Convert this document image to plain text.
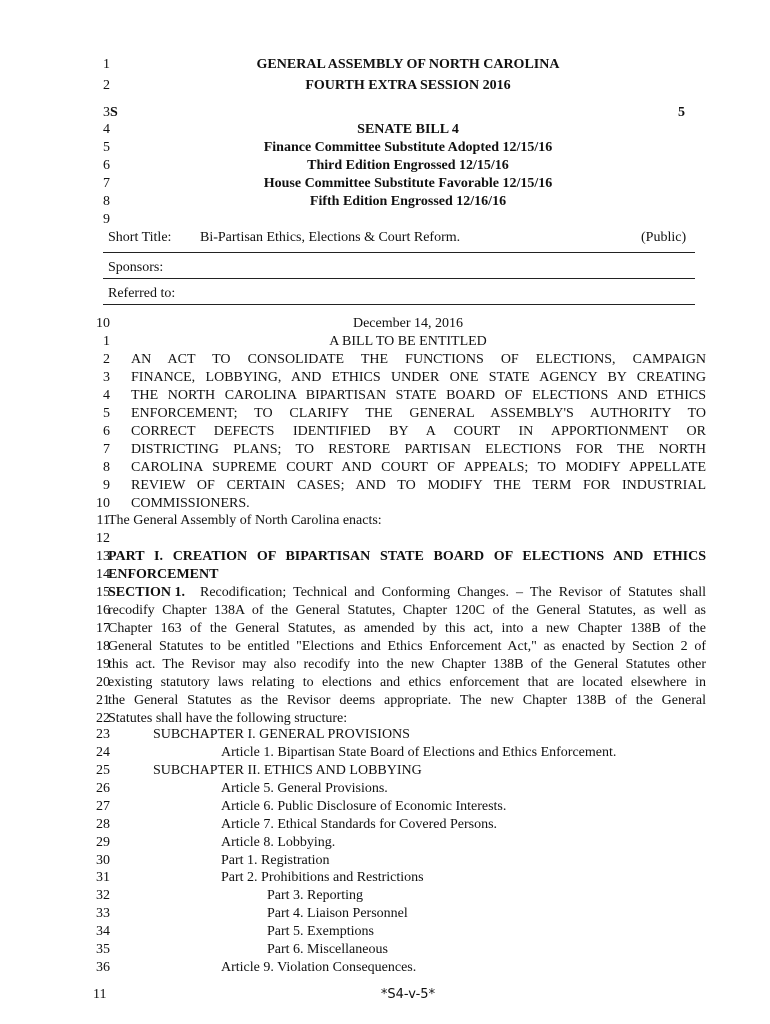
1
2
3
4
5
6
7
8
9
GENERAL ASSEMBLY OF NORTH CAROLINA
FOURTH EXTRA SESSION 2016
S	5
SENATE BILL 4
Finance Committee Substitute Adopted 12/15/16
Third Edition Engrossed 12/15/16
House Committee Substitute Favorable 12/15/16
Fifth Edition Engrossed 12/16/16
Short Title: Bi-Partisan Ethics, Elections & Court Reform.	(Public)
Sponsors:
Referred to:
10	December 14, 2016
1	A BILL TO BE ENTITLED
2 AN ACT TO CONSOLIDATE THE FUNCTIONS OF ELECTIONS, CAMPAIGN
3 FINANCE, LOBBYING, AND ETHICS UNDER ONE STATE AGENCY BY CREATING
4 THE NORTH CAROLINA BIPARTISAN STATE BOARD OF ELECTIONS AND ETHICS
5 ENFORCEMENT; TO CLARIFY THE GENERAL ASSEMBLY'S AUTHORITY TO
6 CORRECT DEFECTS IDENTIFIED BY A COURT IN APPORTIONMENT OR
7 DISTRICTING PLANS; TO RESTORE PARTISAN ELECTIONS FOR THE NORTH
8 CAROLINA SUPREME COURT AND COURT OF APPEALS; TO MODIFY APPELLATE
9 REVIEW OF CERTAIN CASES; AND TO MODIFY THE TERM FOR INDUSTRIAL
10 COMMISSIONERS.
11
The General Assembly of North Carolina enacts:
12
13
PART I. CREATION OF BIPARTISAN STATE BOARD OF ELECTIONS AND ETHICS
14
ENFORCEMENT
15
SECTION 1. Recodification; Technical and Conforming Changes. – The Revisor of Statutes shall
16
recodify Chapter 138A of the General Statutes, Chapter 120C of the General Statutes, as well as
17
Chapter 163 of the General Statutes, as amended by this act, into a new Chapter 138B of the
18
General Statutes to be entitled "Elections and Ethics Enforcement Act," as enacted by Section 2 of
19
this act. The Revisor may also recodify into the new Chapter 138B of the General Statutes other
20
existing statutory laws relating to elections and ethics enforcement that are located elsewhere in
21
the General Statutes as the Revisor deems appropriate. The new Chapter 138B of the General
22
Statutes shall have the following structure:
23	SUBCHAPTER I. GENERAL PROVISIONS
24	Article 1. Bipartisan State Board of Elections and Ethics Enforcement.
25	SUBCHAPTER II. ETHICS AND LOBBYING
26	Article 5. General Provisions.
27	Article 6. Public Disclosure of Economic Interests.
28	Article 7. Ethical Standards for Covered Persons.
29	Article 8. Lobbying.
30	Part 1. Registration
31	Part 2. Prohibitions and Restrictions
32	Part 3. Reporting
33	Part 4. Liaison Personnel
34	Part 5. Exemptions
35	Part 6. Miscellaneous
36	Article 9. Violation Consequences.
11	*S4-v-5*
